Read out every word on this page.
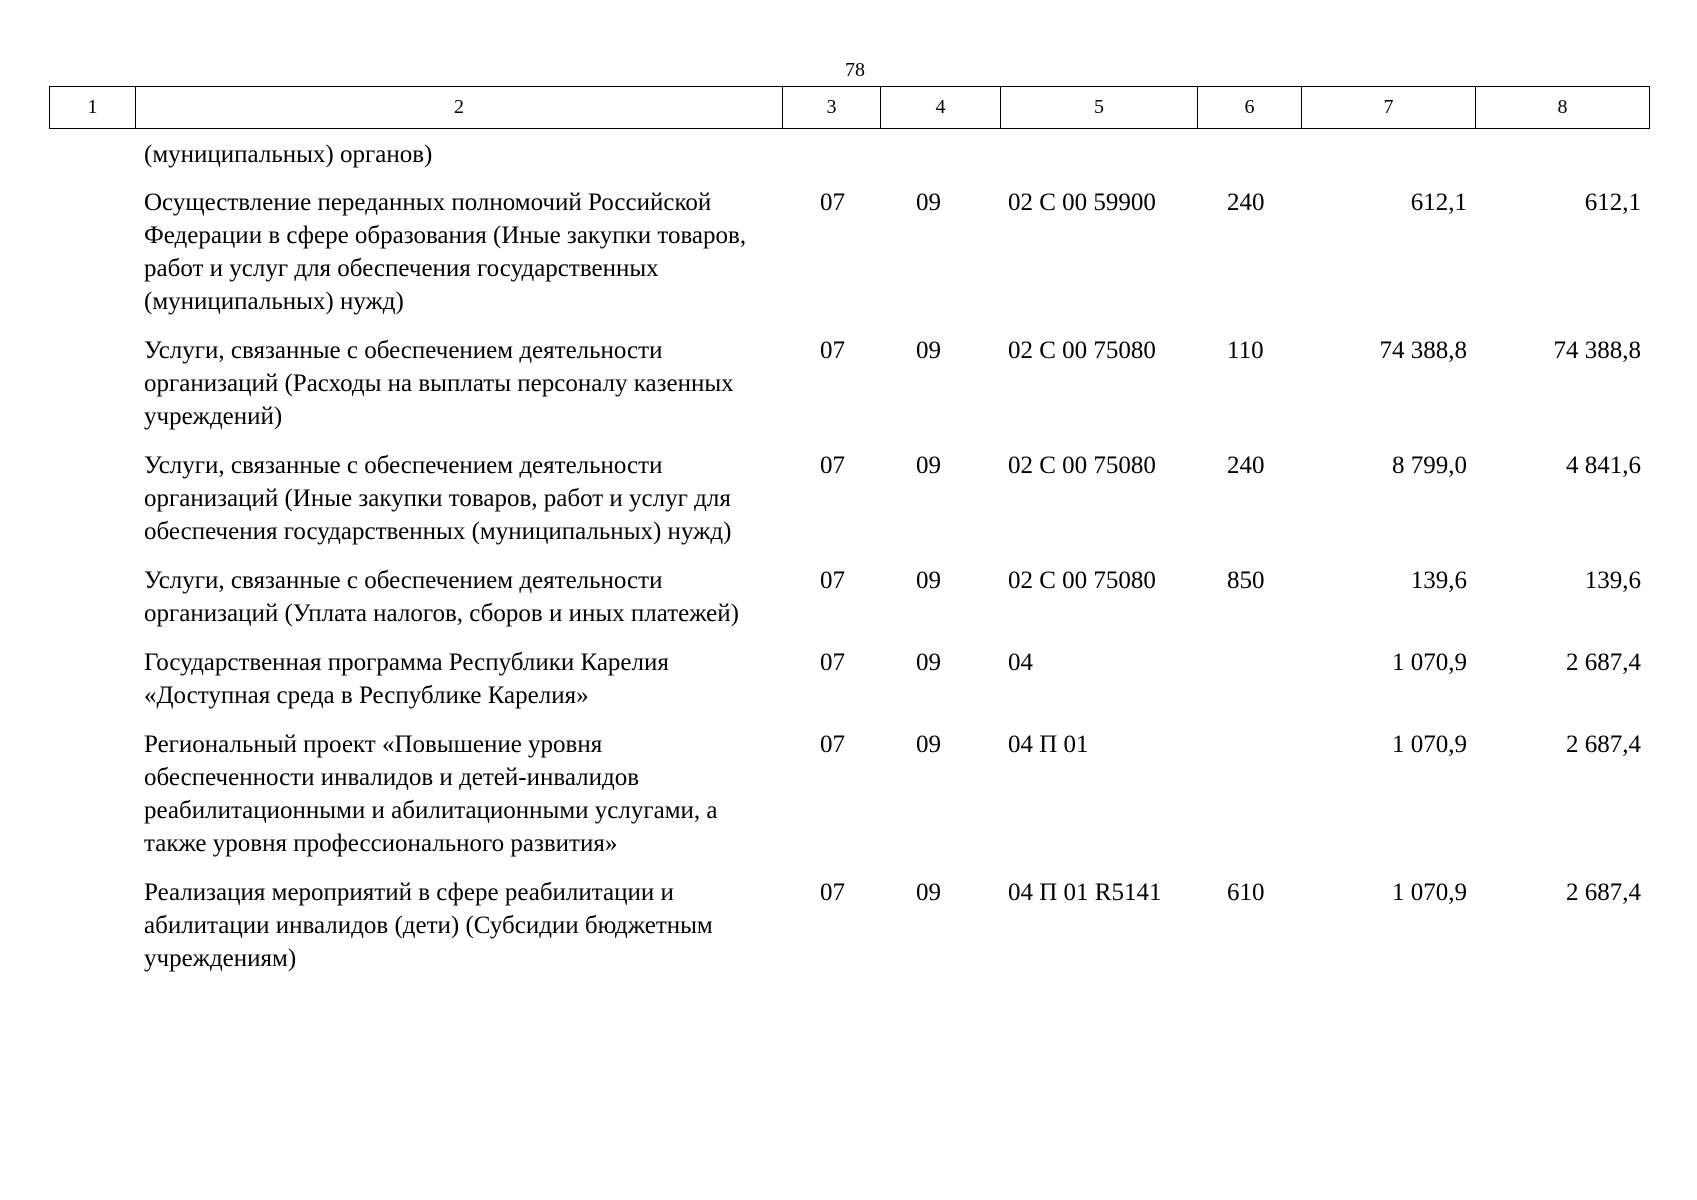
78
1	2	3	4	5	6	7	8
(муниципальных) органов)						
Осуществление переданных полномочий Российской Федерации в сфере образования (Иные закупки товаров, работ и услуг для обеспечения государственных (муниципальных) нужд)	07	09	02 С 00 59900	240	612,1	612,1
Услуги, связанные с обеспечением деятельности организаций (Расходы на выплаты персоналу казенных учреждений)	07	09	02 С 00 75080	110	74 388,8	74 388,8
Услуги, связанные с обеспечением деятельности организаций (Иные закупки товаров, работ и услуг для обеспечения государственных (муниципальных) нужд)	07	09	02 С 00 75080	240	8 799,0	4 841,6
Услуги, связанные с обеспечением деятельности организаций (Уплата налогов, сборов и иных платежей)	07	09	02 С 00 75080	850	139,6	139,6
Государственная программа Республики Карелия «Доступная среда в Республике Карелия»	07	09	04		1 070,9	2 687,4
Региональный проект «Повышение уровня обеспеченности инвалидов и детей-инвалидов реабилитационными и абилитационными услугами, а также уровня профессионального развития»	07	09	04 П 01		1 070,9	2 687,4
Реализация мероприятий в сфере реабилитации и абилитации инвалидов (дети) (Субсидии бюджетным учреждениям)	07	09	04 П 01 R5141	610	1 070,9	2 687,4
